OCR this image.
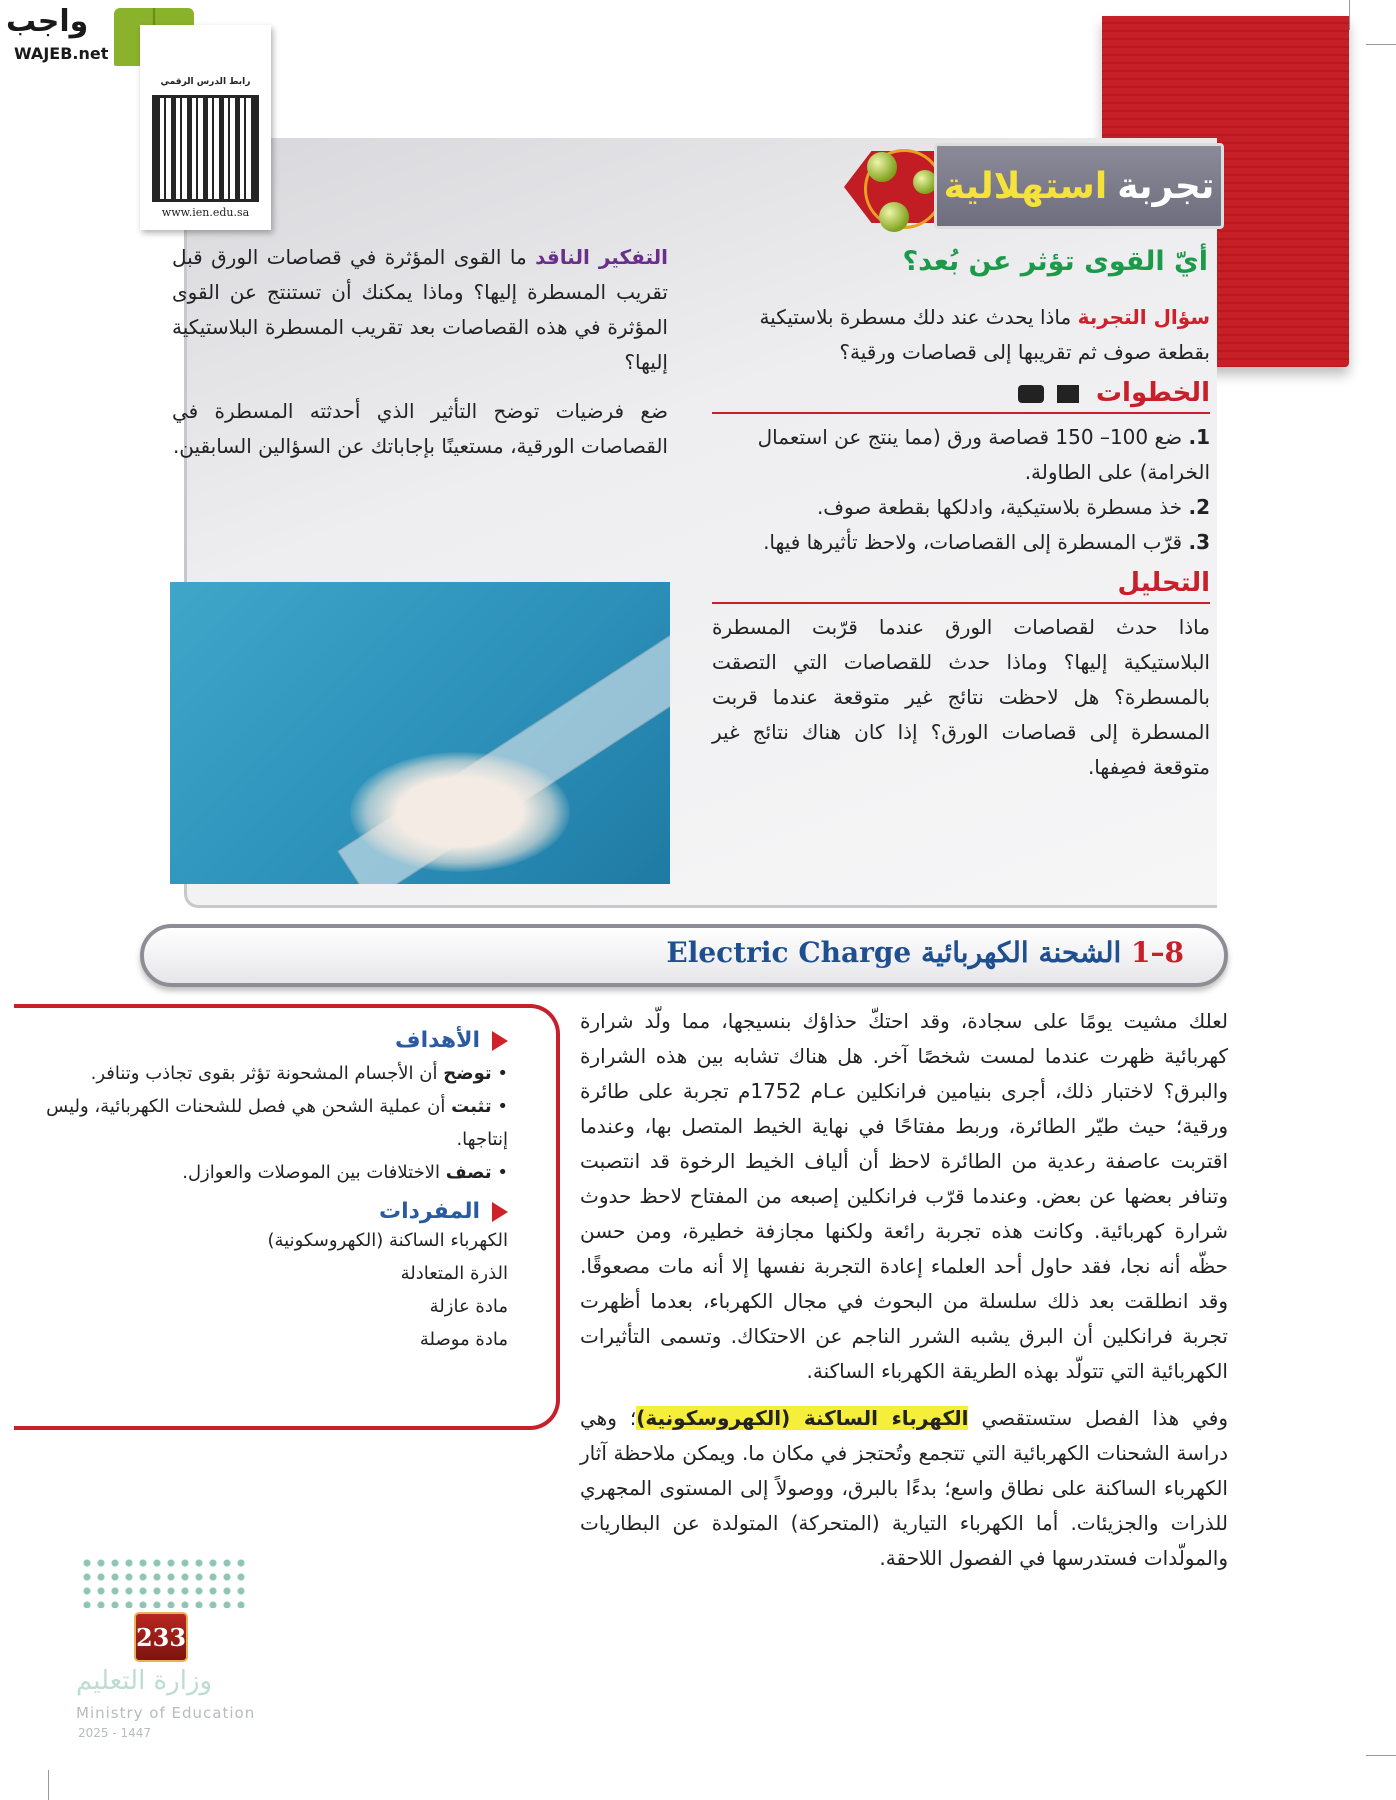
واجب
WAJEB.net
رابط الدرس الرقمي
www.ien.edu.sa
تجربة
استهلالية
أيّ القوى تؤثر عن بُعد؟

سؤال التجربة ماذا يحدث عند دلك مسطرة بلاستيكية بقطعة صوف ثم تقريبها إلى قصاصات ورقية؟

الخطوات
1. ضع 100– 150 قصاصة ورق (مما ينتج عن استعمال الخرامة) على الطاولة.
2. خذ مسطرة بلاستيكية، وادلكها بقطعة صوف.
3. قرّب المسطرة إلى القصاصات، ولاحظ تأثيرها فيها.
التحليل

ماذا حدث لقصاصات الورق عندما قرّبت المسطرة البلاستيكية إليها؟ وماذا حدث للقصاصات التي التصقت بالمسطرة؟ هل لاحظت نتائج غير متوقعة عندما قربت المسطرة إلى قصاصات الورق؟ إذا كان هناك نتائج غير متوقعة فصِفها.

التفكير الناقد ما القوى المؤثرة في قصاصات الورق قبل تقريب المسطرة إليها؟ وماذا يمكنك أن تستنتج عن القوى المؤثرة في هذه القصاصات بعد تقريب المسطرة البلاستيكية إليها؟

ضع فرضيات توضح التأثير الذي أحدثته المسطرة في القصاصات الورقية، مستعينًا بإجاباتك عن السؤالين السابقين.

8–1 الشحنة الكهربائية Electric Charge
الأهداف
• توضح أن الأجسام المشحونة تؤثر بقوى تجاذب وتنافر.
• تثبت أن عملية الشحن هي فصل للشحنات الكهربائية، وليس إنتاجها.
• تصف الاختلافات بين الموصلات والعوازل.
المفردات
الكهرباء الساكنة (الكهروسكونية)
الذرة المتعادلة
مادة عازلة
مادة موصلة

لعلك مشيت يومًا على سجادة، وقد احتكّ حذاؤك بنسيجها، مما ولّد شرارة كهربائية ظهرت عندما لمست شخصًا آخر. هل هناك تشابه بين هذه الشرارة والبرق؟ لاختبار ذلك، أجرى بنيامين فرانكلين عـام 1752م تجربة على طائرة ورقية؛ حيث طيّر الطائرة، وربط مفتاحًا في نهاية الخيط المتصل بها، وعندما اقتربت عاصفة رعدية من الطائرة لاحظ أن ألياف الخيط الرخوة قد انتصبت وتنافر بعضها عن بعض. وعندما قرّب فرانكلين إصبعه من المفتاح لاحظ حدوث شرارة كهربائية. وكانت هذه تجربة رائعة ولكنها مجازفة خطيرة، ومن حسن حظّه أنه نجا، فقد حاول أحد العلماء إعادة التجربة نفسها إلا أنه مات مصعوقًا. وقد انطلقت بعد ذلك سلسلة من البحوث في مجال الكهرباء، بعدما أظهرت تجربة فرانكلين أن البرق يشبه الشرر الناجم عن الاحتكاك. وتسمى التأثيرات الكهربائية التي تتولّد بهذه الطريقة الكهرباء الساكنة.

وفي هذا الفصل ستستقصي الكهرباء الساكنة (الكهروسكونية)؛ وهي دراسة الشحنات الكهربائية التي تتجمع وتُحتجز في مكان ما. ويمكن ملاحظة آثار الكهرباء الساكنة على نطاق واسع؛ بدءًا بالبرق، ووصولاً إلى المستوى المجهري للذرات والجزيئات. أما الكهرباء التيارية (المتحركة) المتولدة عن البطاريات والمولّدات فستدرسها في الفصول اللاحقة.

233
وزارة التعليم
Ministry of Education
2025 - 1447
